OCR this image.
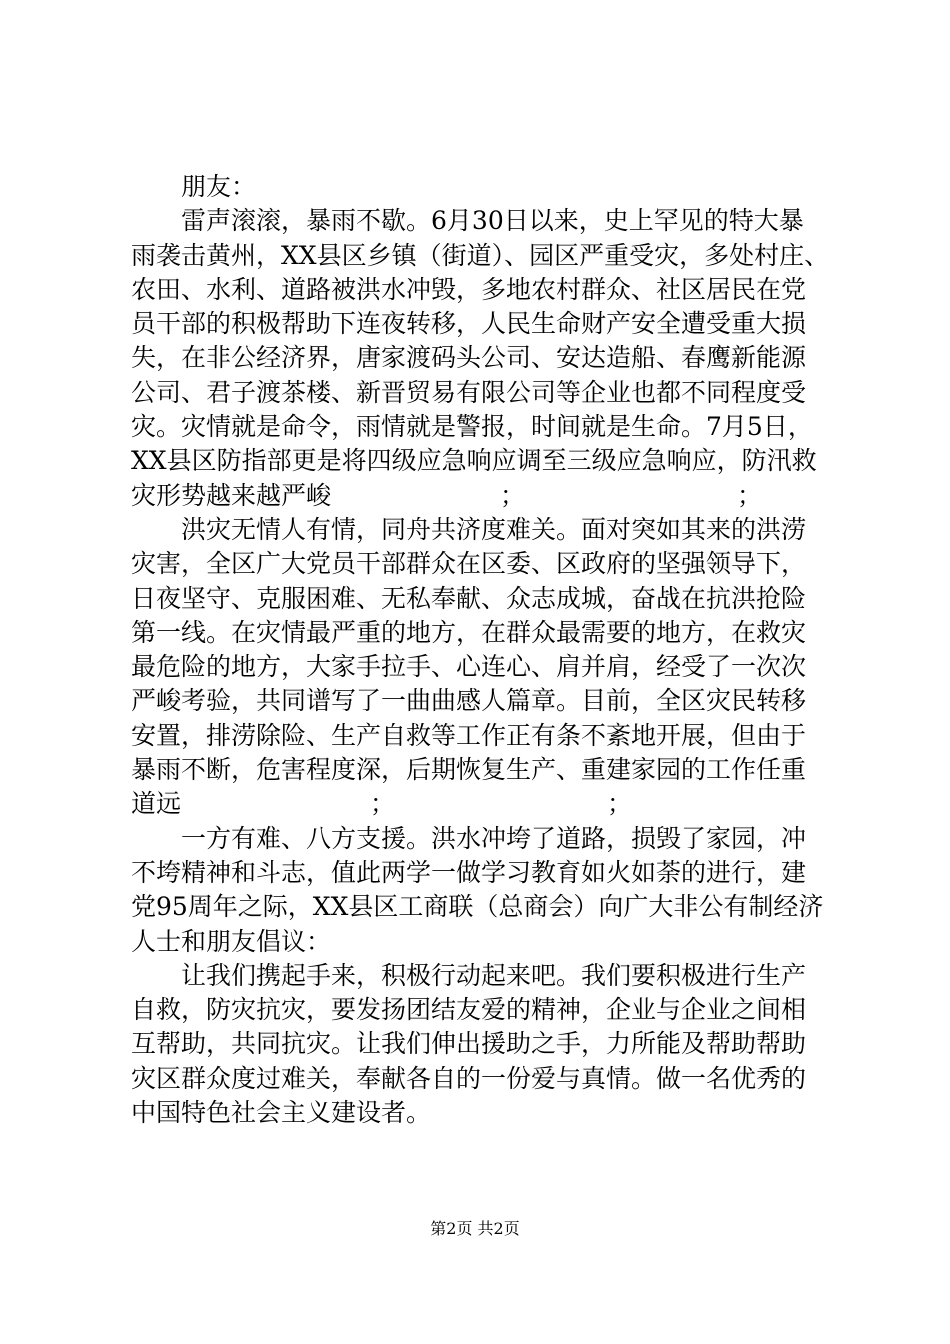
朋友：
雷声滚滚，暴雨不歇。6月30日以来，史上罕见的特大暴
雨袭击黄州，XX县区乡镇（街道）、园区严重受灾，多处村庄、
农田、水利、道路被洪水冲毁，多地农村群众、社区居民在党
员干部的积极帮助下连夜转移，人民生命财产安全遭受重大损
失，在非公经济界，唐家渡码头公司、安达造船、春鹰新能源
公司、君子渡茶楼、新晋贸易有限公司等企业也都不同程度受
灾。灾情就是命令，雨情就是警报，时间就是生命。7月5日，
XX县区防指部更是将四级应急响应调至三级应急响应，防汛救
灾形势越来越严峻	；	；
洪灾无情人有情，同舟共济度难关。面对突如其来的洪涝
灾害，全区广大党员干部群众在区委、区政府的坚强领导下，
日夜坚守、克服困难、无私奉献、众志成城，奋战在抗洪抢险
第一线。在灾情最严重的地方，在群众最需要的地方，在救灾
最危险的地方，大家手拉手、心连心、肩并肩，经受了一次次
严峻考验，共同谱写了一曲曲感人篇章。目前，全区灾民转移
安置，排涝除险、生产自救等工作正有条不紊地开展，但由于
暴雨不断，危害程度深，后期恢复生产、重建家园的工作任重
道远	；	；
一方有难、八方支援。洪水冲垮了道路，损毁了家园，冲
不垮精神和斗志，值此两学一做学习教育如火如荼的进行，建
党95周年之际，XX县区工商联（总商会）向广大非公有制经济
人士和朋友倡议：
让我们携起手来，积极行动起来吧。我们要积极进行生产
自救，防灾抗灾，要发扬团结友爱的精神，企业与企业之间相
互帮助，共同抗灾。让我们伸出援助之手，力所能及帮助帮助
灾区群众度过难关，奉献各自的一份爱与真情。做一名优秀的
中国特色社会主义建设者。
第2页 共2页
